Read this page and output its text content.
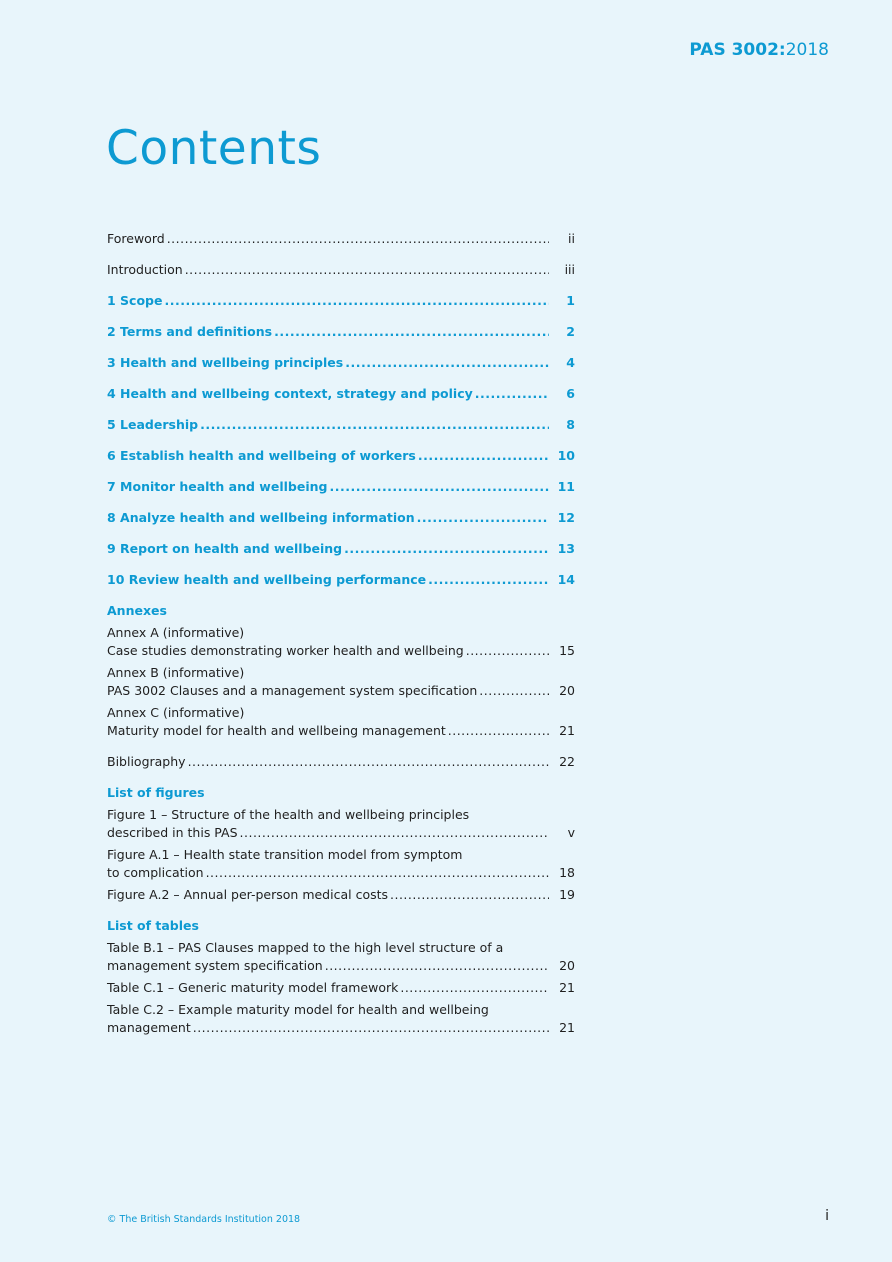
PAS 3002:2018
Contents
Foreword .....	ii
Introduction .....	iii
1 Scope .....	1
2 Terms and definitions .....	2
3 Health and wellbeing principles .....	4
4 Health and wellbeing context, strategy and policy .....	6
5 Leadership .....	8
6 Establish health and wellbeing of workers .....	10
7 Monitor health and wellbeing .....	11
8 Analyze health and wellbeing information .....	12
9 Report on health and wellbeing .....	13
10 Review health and wellbeing performance .....	14
Annexes
Annex A (informative)
Case studies demonstrating worker health and wellbeing .....	15
Annex B (informative)
PAS 3002 Clauses and a management system specification .....	20
Annex C (informative)
Maturity model for health and wellbeing management .....	21
Bibliography .....	22
List of figures
Figure 1 – Structure of the health and wellbeing principles
described in this PAS .....	v
Figure A.1 – Health state transition model from symptom
to complication .....	18
Figure A.2 – Annual per-person medical costs .....	19
List of tables
Table B.1 – PAS Clauses mapped to the high level structure of a
management system specification .....	20
Table C.1 – Generic maturity model framework .....	21
Table C.2 – Example maturity model for health and wellbeing
management .....	21
© The British Standards Institution 2018	i
